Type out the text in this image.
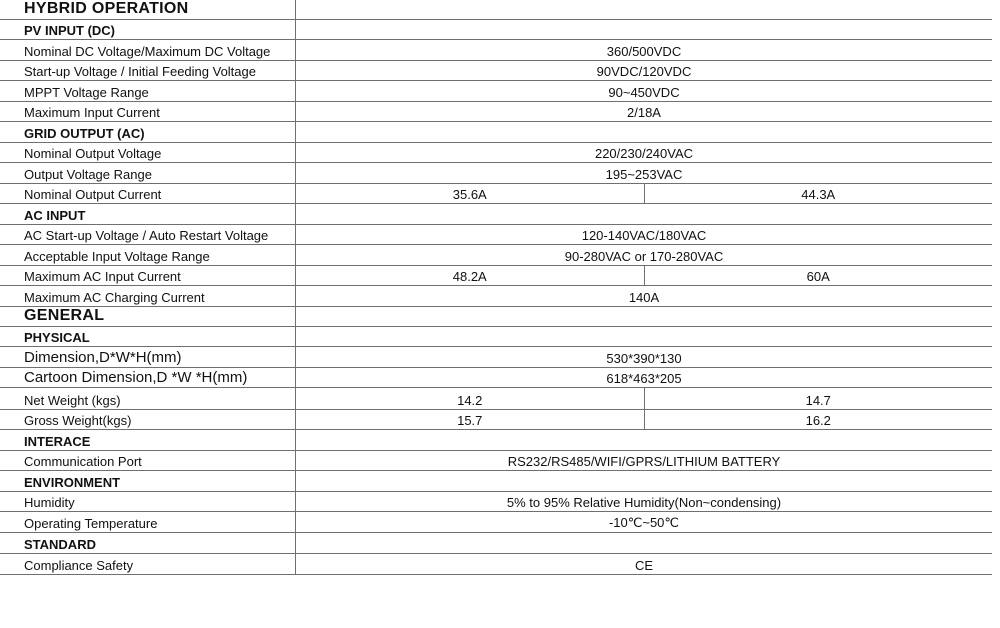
HYBRID OPERATION
PV INPUT (DC)
Nominal DC Voltage/Maximum DC Voltage	360/500VDC
Start-up Voltage / Initial Feeding Voltage	90VDC/120VDC
MPPT Voltage Range	90~450VDC
Maximum Input Current	2/18A
GRID OUTPUT (AC)
Nominal Output Voltage	220/230/240VAC
Output Voltage Range	195~253VAC
Nominal Output Current	35.6A	44.3A
AC INPUT
AC Start-up Voltage / Auto Restart Voltage	120-140VAC/180VAC
Acceptable Input Voltage Range	90-280VAC or 170-280VAC
Maximum AC Input Current	48.2A	60A
Maximum AC Charging Current	140A
GENERAL
PHYSICAL
Dimension,D*W*H(mm)	530*390*130
Cartoon Dimension,D *W *H(mm)	618*463*205
Net Weight (kgs)	14.2	14.7
Gross Weight(kgs)	15.7	16.2
INTERACE
Communication Port	RS232/RS485/WIFI/GPRS/LITHIUM BATTERY
ENVIRONMENT
Humidity	5% to 95% Relative Humidity(Non~condensing)
Operating Temperature	-10℃~50℃
STANDARD
Compliance Safety	CE
